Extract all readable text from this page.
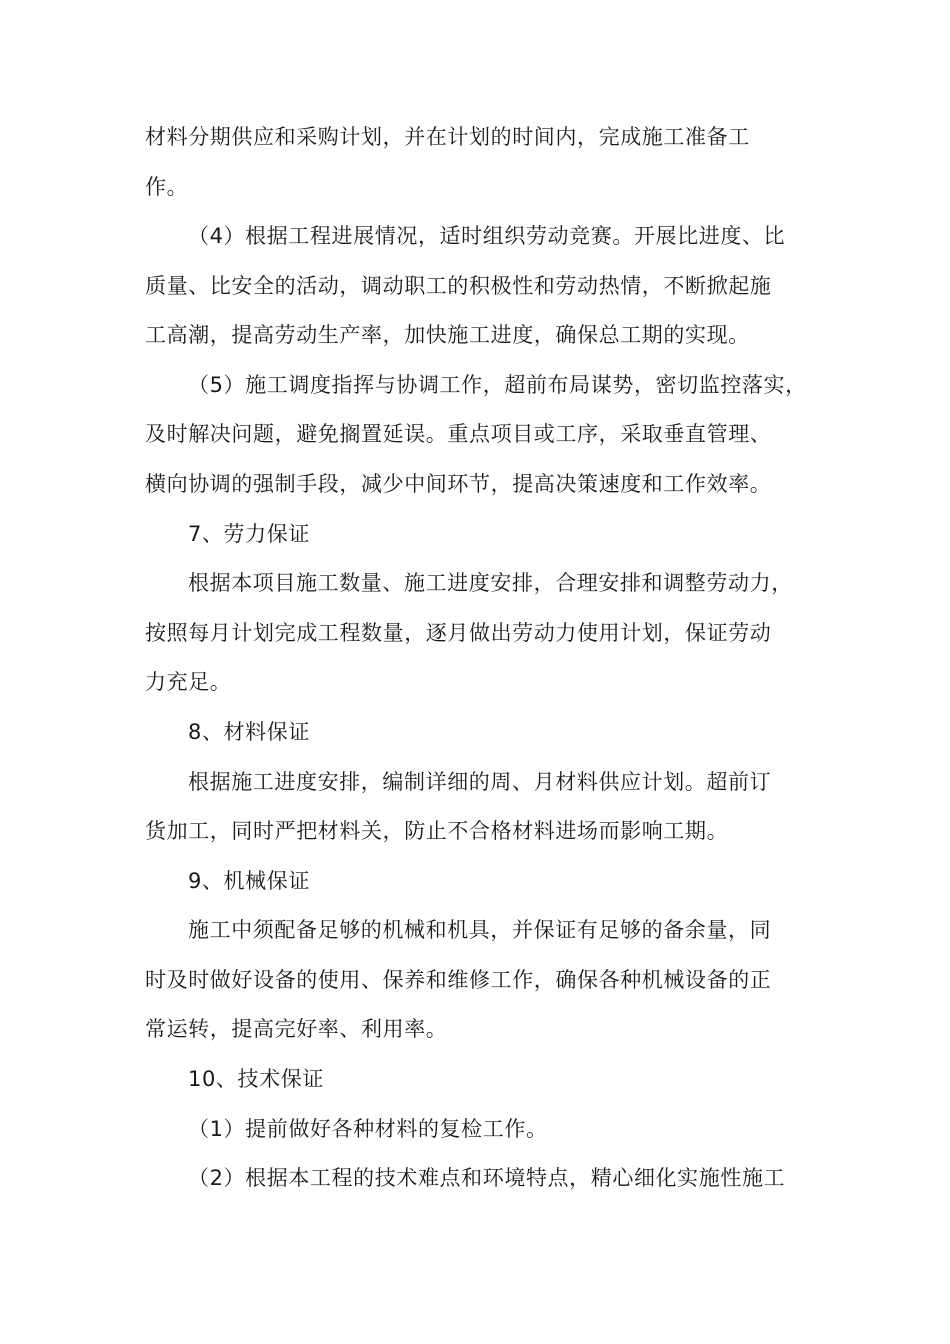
材料分期供应和采购计划，并在计划的时间内，完成施工准备工
作。
（4）根据工程进展情况，适时组织劳动竞赛。开展比进度、比
质量、比安全的活动，调动职工的积极性和劳动热情，不断掀起施
工高潮，提高劳动生产率，加快施工进度，确保总工期的实现。
（5）施工调度指挥与协调工作，超前布局谋势，密切监控落实，
及时解决问题，避免搁置延误。重点项目或工序，采取垂直管理、
横向协调的强制手段，减少中间环节，提高决策速度和工作效率。
7、劳力保证
根据本项目施工数量、施工进度安排，合理安排和调整劳动力，
按照每月计划完成工程数量，逐月做出劳动力使用计划，保证劳动
力充足。
8、材料保证
根据施工进度安排，编制详细的周、月材料供应计划。超前订
货加工，同时严把材料关，防止不合格材料进场而影响工期。
9、机械保证
施工中须配备足够的机械和机具，并保证有足够的备余量，同
时及时做好设备的使用、保养和维修工作，确保各种机械设备的正
常运转，提高完好率、利用率。
10、技术保证
（1）提前做好各种材料的复检工作。
（2）根据本工程的技术难点和环境特点，精心细化实施性施工
